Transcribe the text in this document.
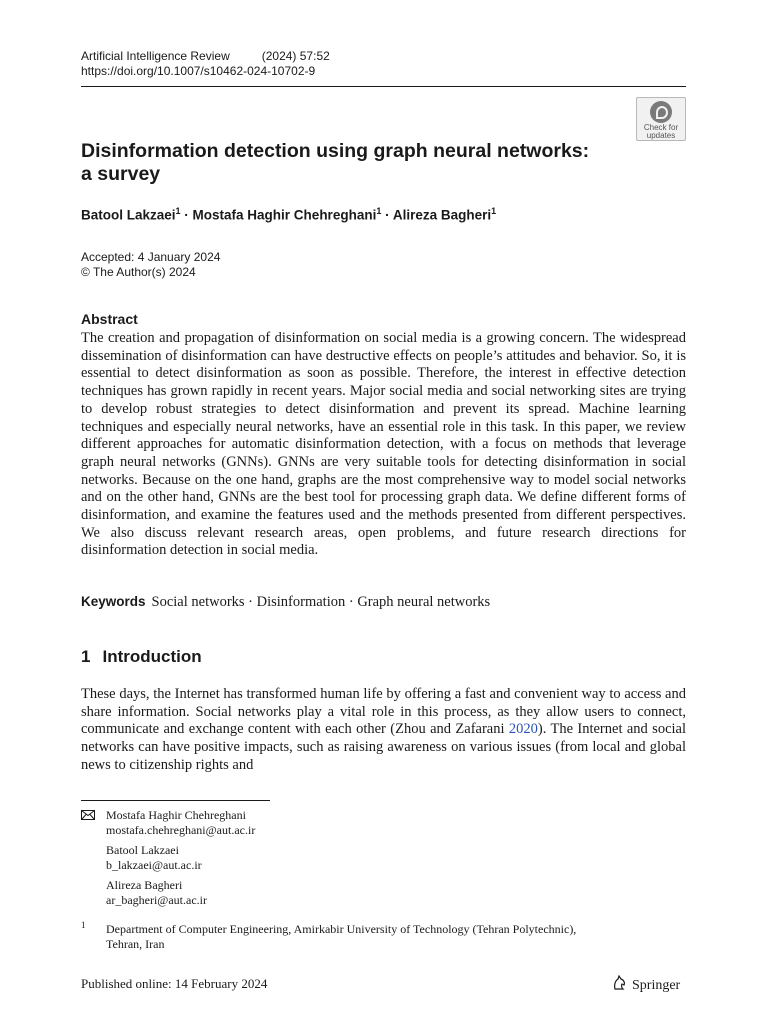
Artificial Intelligence Review	(2024) 57:52
https://doi.org/10.1007/s10462-024-10702-9
Check for
updates
Disinformation detection using graph neural networks:
a survey
Batool Lakzaei$^1$ · Mostafa Haghir Chehreghani$^1$ · Alireza Bagheri$^1$
Accepted: 4 January 2024
© The Author(s) 2024
Abstract

The creation and propagation of disinformation on social media is a growing concern. The widespread dissemination of disinformation can have destructive effects on people’s attitudes and behavior. So, it is essential to detect disinformation as soon as possible. Therefore, the interest in effective detection techniques has grown rapidly in recent years. Major social media and social networking sites are trying to develop robust strategies to detect disinformation and prevent its spread. Machine learning techniques and especially neural networks, have an essential role in this task. In this paper, we review different approaches for automatic disinformation detection, with a focus on methods that leverage graph neural networks (GNNs). GNNs are very suitable tools for detecting disinformation in social networks. Because on the one hand, graphs are the most comprehensive way to model social networks and on the other hand, GNNs are the best tool for processing graph data. We define different forms of disinformation, and examine the features used and the methods presented from different perspectives. We also discuss relevant research areas, open problems, and future research directions for disinformation detection in social media.

Keywords Social networks · Disinformation · Graph neural networks
1 Introduction

These days, the Internet has transformed human life by offering a fast and convenient way to access and share information. Social networks play a vital role in this process, as they allow users to connect, communicate and exchange content with each other (Zhou and Zafarani 2020). The Internet and social networks can have positive impacts, such as raising awareness on various issues (from local and global news to citizenship rights and

Mostafa Haghir Chehreghani
mostafa.chehreghani@aut.ac.ir
Batool Lakzaei
b_lakzaei@aut.ac.ir
Alireza Bagheri
ar_bagheri@aut.ac.ir
1 Department of Computer Engineering, Amirkabir University of Technology (Tehran Polytechnic),
Tehran, Iran
Published online: 14 February 2024	Springer
